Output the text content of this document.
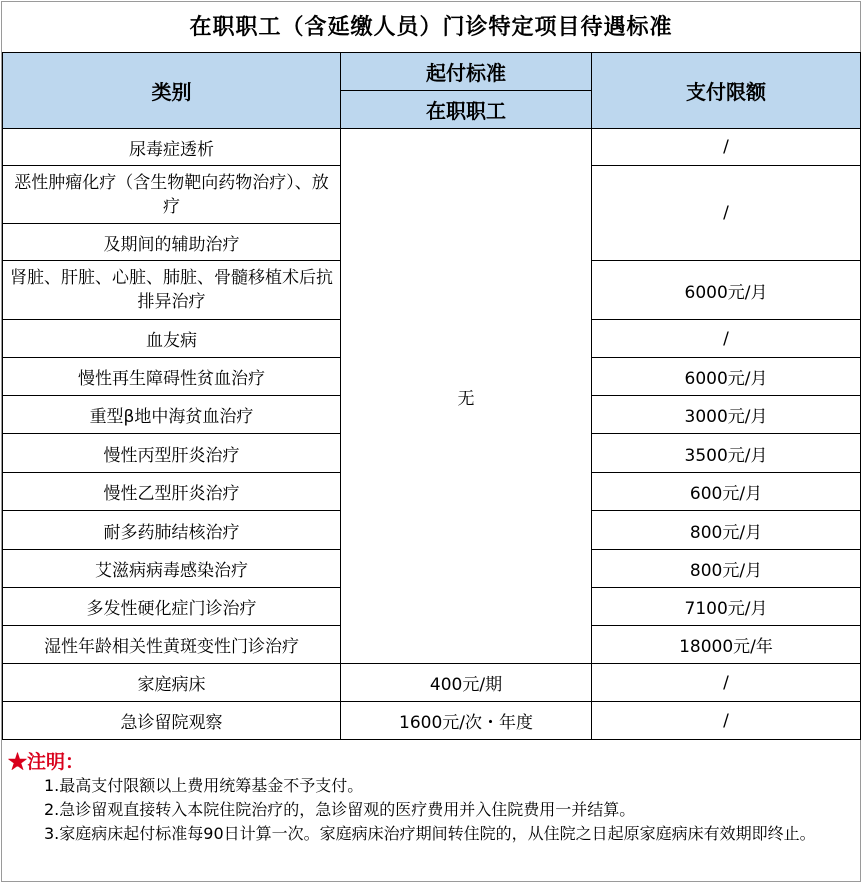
在职职工（含延缴人员）门诊特定项目待遇标准
类别	起付标准	支付限额
	在职职工	
尿毒症透析	无	/
恶性肿瘤化疗（含生物靶向药物治疗）、放疗		/
及期间的辅助治疗		
肾脏、肝脏、心脏、肺脏、骨髓移植术后抗排异治疗		6000元/月
血友病		/
慢性再生障碍性贫血治疗		6000元/月
重型β地中海贫血治疗		3000元/月
慢性丙型肝炎治疗		3500元/月
慢性乙型肝炎治疗		600元/月
耐多药肺结核治疗		800元/月
艾滋病病毒感染治疗		800元/月
多发性硬化症门诊治疗		7100元/月
湿性年龄相关性黄斑变性门诊治疗		18000元/年
家庭病床	400元/期	/
急诊留院观察	1600元/次・年度	/
★注明：
1.最高支付限额以上费用统筹基金不予支付。
2.急诊留观直接转入本院住院治疗的，急诊留观的医疗费用并入住院费用一并结算。
3.家庭病床起付标准每90日计算一次。家庭病床治疗期间转住院的，从住院之日起原家庭病床有效期即终止。
